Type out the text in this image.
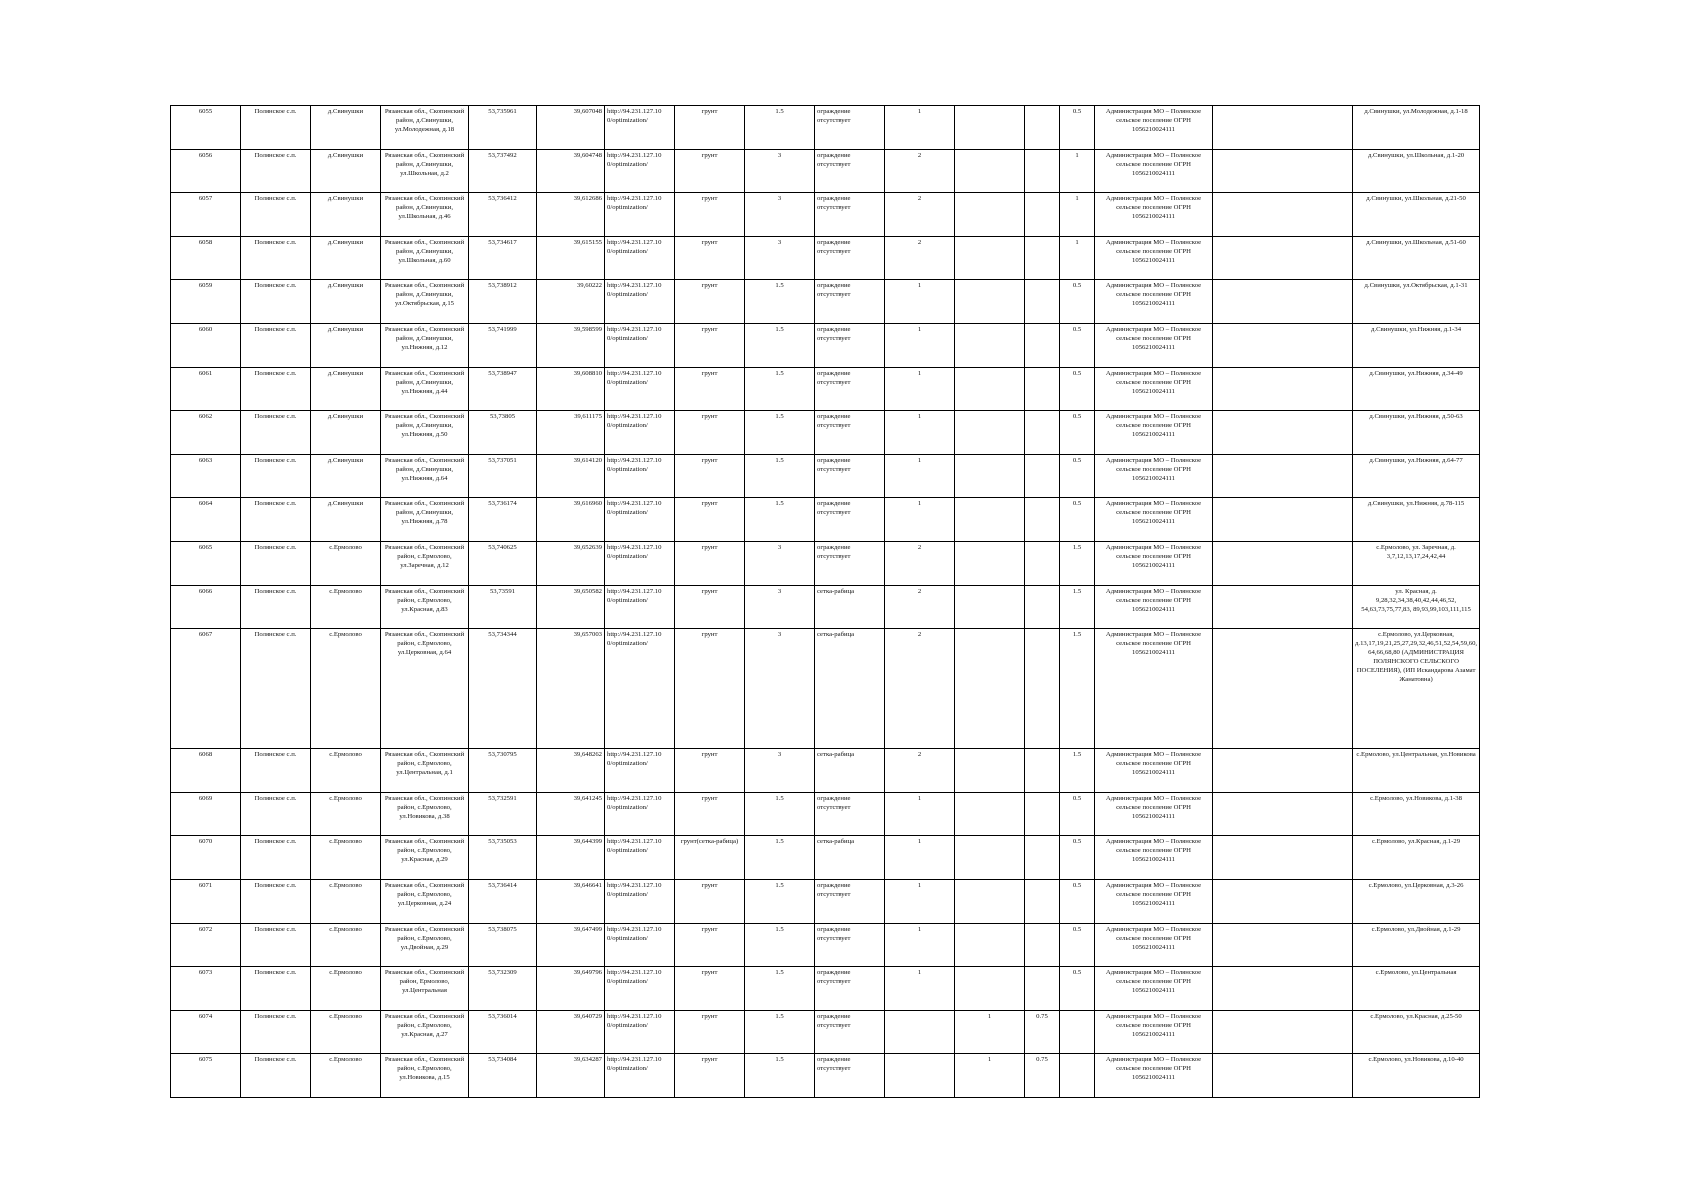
6055	Полянское с.п.	д.Свинушки	Рязанская обл., Скопинский район, д.Свинушки, ул.Молодежная, д.18	53,735961	39,607048	http://94.231.127.10 0/optimization/	грунт	1.5	ограждение отсутствует	1			0.5	Администрация МО – Полянское сельское поселение ОГРН 1056210024111		д.Свинушки, ул.Молодежная, д.1-18
6056	Полянское с.п.	д.Свинушки	Рязанская обл., Скопинский район, д.Свинушки, ул.Школьная, д.2	53,737492	39,604748	http://94.231.127.10 0/optimization/	грунт	3	ограждение отсутствует	2			1	Администрация МО – Полянское сельское поселение ОГРН 1056210024111		д.Свинушки, ул.Школьная, д.1-20
6057	Полянское с.п.	д.Свинушки	Рязанская обл., Скопинский район, д.Свинушки, ул.Школьная, д.46	53,736412	39,612686	http://94.231.127.10 0/optimization/	грунт	3	ограждение отсутствует	2			1	Администрация МО – Полянское сельское поселение ОГРН 1056210024111		д.Свинушки, ул.Школьная, д.21-50
6058	Полянское с.п.	д.Свинушки	Рязанская обл., Скопинский район, д.Свинушки, ул.Школьная, д.60	53,734617	39,615155	http://94.231.127.10 0/optimization/	грунт	3	ограждение отсутствует	2			1	Администрация МО – Полянское сельское поселение ОГРН 1056210024111		д.Свинушки, ул.Школьная, д.51-60
6059	Полянское с.п.	д.Свинушки	Рязанская обл., Скопинский район, д.Свинушки, ул.Октябрьская, д.15	53,738912	39,60222	http://94.231.127.10 0/optimization/	грунт	1.5	ограждение отсутствует	1			0.5	Администрация МО – Полянское сельское поселение ОГРН 1056210024111		д.Свинушки, ул.Октябрьская, д.1-31
6060	Полянское с.п.	д.Свинушки	Рязанская обл., Скопинский район, д.Свинушки, ул.Нижняя, д.12	53,741999	39,598599	http://94.231.127.10 0/optimization/	грунт	1.5	ограждение отсутствует	1			0.5	Администрация МО – Полянское сельское поселение ОГРН 1056210024111		д.Свинушки, ул.Нижняя, д.1-34
6061	Полянское с.п.	д.Свинушки	Рязанская обл., Скопинский район, д.Свинушки, ул.Нижняя, д.44	53,738947	39,608810	http://94.231.127.10 0/optimization/	грунт	1.5	ограждение отсутствует	1			0.5	Администрация МО – Полянское сельское поселение ОГРН 1056210024111		д.Свинушки, ул.Нижняя, д.34-49
6062	Полянское с.п.	д.Свинушки	Рязанская обл., Скопинский район, д.Свинушки, ул.Нижняя, д.50	53,73805	39,611175	http://94.231.127.10 0/optimization/	грунт	1.5	ограждение отсутствует	1			0.5	Администрация МО – Полянское сельское поселение ОГРН 1056210024111		д.Свинушки, ул.Нижняя, д.50-63
6063	Полянское с.п.	д.Свинушки	Рязанская обл., Скопинский район, д.Свинушки, ул.Нижняя, д.64	53,737051	39,614120	http://94.231.127.10 0/optimization/	грунт	1.5	ограждение отсутствует	1			0.5	Администрация МО – Полянское сельское поселение ОГРН 1056210024111		д.Свинушки, ул.Нижняя, д.64-77
6064	Полянское с.п.	д.Свинушки	Рязанская обл., Скопинский район, д.Свинушки, ул.Нижняя, д.78	53,736174	39,616960	http://94.231.127.10 0/optimization/	грунт	1.5	ограждение отсутствует	1			0.5	Администрация МО – Полянское сельское поселение ОГРН 1056210024111		д.Свинушки, ул.Нижняя, д.78-115
6065	Полянское с.п.	с.Ермолово	Рязанская обл., Скопинский район, с.Ермолово, ул.Заречная, д.12	53,740625	39,652639	http://94.231.127.10 0/optimization/	грунт	3	ограждение отсутствует	2			1.5	Администрация МО – Полянское сельское поселение ОГРН 1056210024111		с.Ермолово, ул. Заречная, д. 3,7,12,13,17,24,42,44
6066	Полянское с.п.	с.Ермолово	Рязанская обл., Скопинский район, с.Ермолово, ул.Красная, д.83	53,73591	39,650582	http://94.231.127.10 0/optimization/	грунт	3	сетка-рабица	2			1.5	Администрация МО – Полянское сельское поселение ОГРН 1056210024111		ул. Красная, д. 9,28,32,34,38,40,42,44,46,52, 54,63,73,75,77,83, 89,93,99,103,111,115
6067	Полянское с.п.	с.Ермолово	Рязанская обл., Скопинский район, с.Ермолово, ул.Церковная, д.64	53,734344	39,657003	http://94.231.127.10 0/optimization/	грунт	3	сетка-рабица	2			1.5	Администрация МО – Полянское сельское поселение ОГРН 1056210024111		с.Ермолово, ул.Церковная, д.13,17,19,21,25,27,29,32,46,51,52,54,59,60, 64,66,68,80 (АДМИНИСТРАЦИЯ ПОЛЯНСКОГО СЕЛЬСКОГО ПОСЕЛЕНИЯ), (ИП Искандарова Азамат Жанатовна)
6068	Полянское с.п.	с.Ермолово	Рязанская обл., Скопинский район, с.Ермолово, ул.Центральная, д.1	53,730795	39,648262	http://94.231.127.10 0/optimization/	грунт	3	сетка-рабица	2			1.5	Администрация МО – Полянское сельское поселение ОГРН 1056210024111		с.Ермолово, ул.Центральная, ул.Новикова
6069	Полянское с.п.	с.Ермолово	Рязанская обл., Скопинский район, с.Ермолово, ул.Новикова, д.38	53,732591	39,641245	http://94.231.127.10 0/optimization/	грунт	1.5	ограждение отсутствует	1			0.5	Администрация МО – Полянское сельское поселение ОГРН 1056210024111		с.Ермолово, ул.Новикова, д.1-38
6070	Полянское с.п.	с.Ермолово	Рязанская обл., Скопинский район, с.Ермолово, ул.Красная, д.29	53,735053	39,644399	http://94.231.127.10 0/optimization/	грунт(сетка-рабица)	1.5	сетка-рабица	1			0.5	Администрация МО – Полянское сельское поселение ОГРН 1056210024111		с.Ермолово, ул.Красная, д.1-29
6071	Полянское с.п.	с.Ермолово	Рязанская обл., Скопинский район, с.Ермолово, ул.Церковная, д.24	53,736414	39,646641	http://94.231.127.10 0/optimization/	грунт	1.5	ограждение отсутствует	1			0.5	Администрация МО – Полянское сельское поселение ОГРН 1056210024111		с.Ермолово, ул.Церковная, д.3-26
6072	Полянское с.п.	с.Ермолово	Рязанская обл., Скопинский район, с.Ермолово, ул.Двойная, д.29	53,738075	39,647499	http://94.231.127.10 0/optimization/	грунт	1.5	ограждение отсутствует	1			0.5	Администрация МО – Полянское сельское поселение ОГРН 1056210024111		с.Ермолово, ул.Двойная, д.1-29
6073	Полянское с.п.	с.Ермолово	Рязанская обл., Скопинский район, Ермолово, ул.Центральная	53,732309	39,649796	http://94.231.127.10 0/optimization/	грунт	1.5	ограждение отсутствует	1			0.5	Администрация МО – Полянское сельское поселение ОГРН 1056210024111		с.Ермолово, ул.Центральная
6074	Полянское с.п.	с.Ермолово	Рязанская обл., Скопинский район, с.Ермолово, ул.Красная, д.27	53,736014	39,640729	http://94.231.127.10 0/optimization/	грунт	1.5	ограждение отсутствует		1	0.75		Администрация МО – Полянское сельское поселение ОГРН 1056210024111		с.Ермолово, ул.Красная, д.25-50
6075	Полянское с.п.	с.Ермолово	Рязанская обл., Скопинский район, с.Ермолово, ул.Новикова, д.15	53,734084	39,634287	http://94.231.127.10 0/optimization/	грунт	1.5	ограждение отсутствует		1	0.75		Администрация МО – Полянское сельское поселение ОГРН 1056210024111		с.Ермолово, ул.Новикова, д.10-40
